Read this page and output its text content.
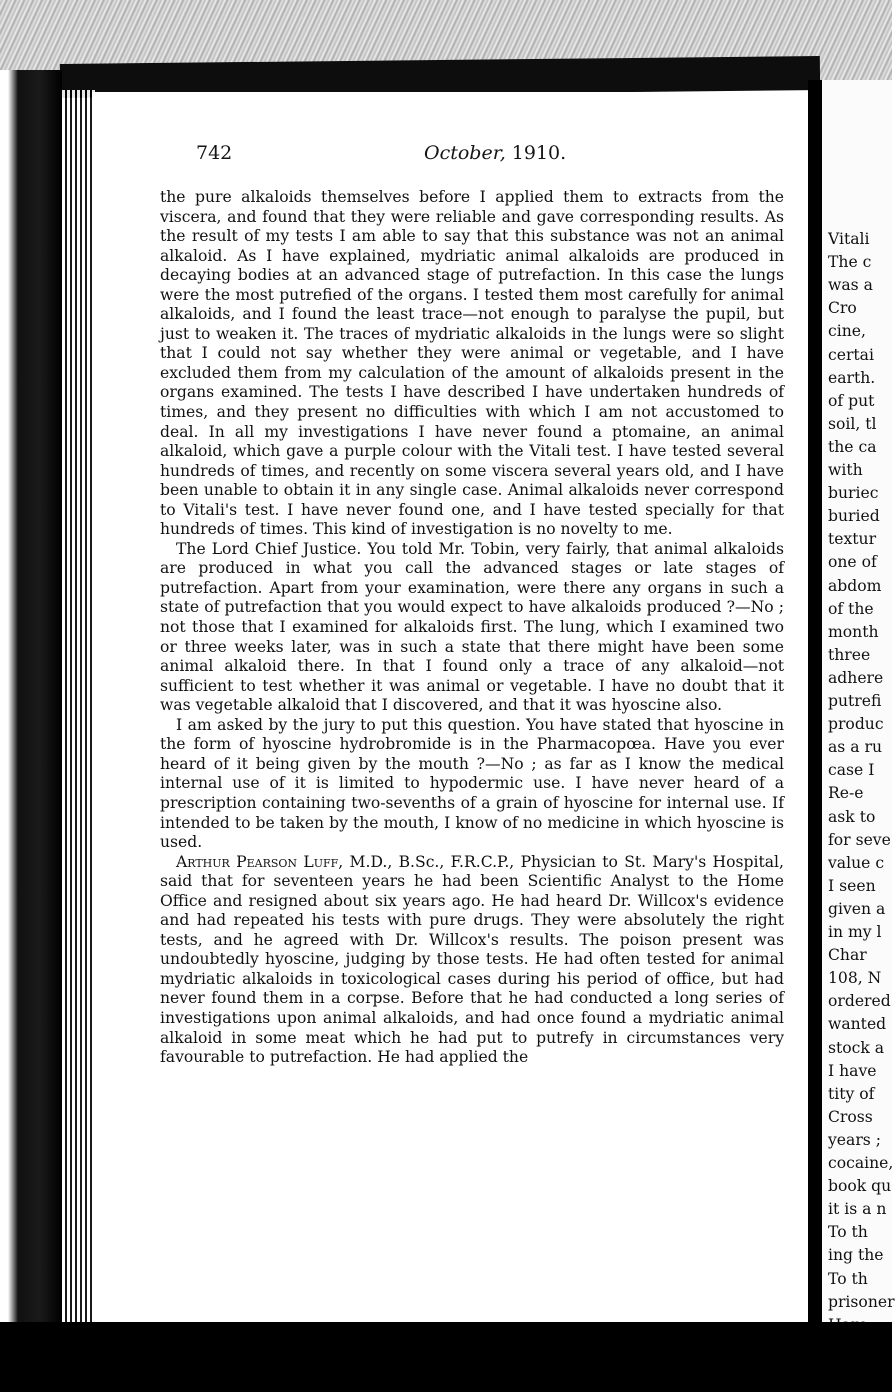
Vitali
The c
was a
Cro
cine,
certai
earth.
of put
soil, tl
the ca
with
buriec
buried
textur
one of
abdom
of the
month
three
adhere
putrefi
produc
as a ru
case I
Re-e
ask to
for seve
value c
I seen
given a
in my l
Char
108, N
ordered
wanted
stock a
I have
tity of
Cross
years ;
cocaine,
book qu
it is a n
To th
ing the
To th
prisoner
742	October, 1910.

the pure alkaloids themselves before I applied them to extracts from the viscera, and found that they were reliable and gave corresponding results. As the result of my tests I am able to say that this substance was not an animal alkaloid. As I have explained, mydriatic animal alkaloids are produced in decaying bodies at an advanced stage of putrefaction. In this case the lungs were the most putrefied of the organs. I tested them most carefully for animal alkaloids, and I found the least trace—not enough to paralyse the pupil, but just to weaken it. The traces of mydriatic alkaloids in the lungs were so slight that I could not say whether they were animal or vegetable, and I have excluded them from my calculation of the amount of alkaloids present in the organs examined. The tests I have described I have undertaken hundreds of times, and they present no difficulties with which I am not accustomed to deal. In all my investigations I have never found a ptomaine, an animal alkaloid, which gave a purple colour with the Vitali test. I have tested several hundreds of times, and recently on some viscera several years old, and I have been unable to obtain it in any single case. Animal alkaloids never correspond to Vitali's test. I have never found one, and I have tested specially for that hundreds of times. This kind of investigation is no novelty to me.

The Lord Chief Justice. You told Mr. Tobin, very fairly, that animal alkaloids are produced in what you call the advanced stages or late stages of putrefaction. Apart from your examination, were there any organs in such a state of putrefaction that you would expect to have alkaloids produced ?—No ; not those that I examined for alkaloids first. The lung, which I examined two or three weeks later, was in such a state that there might have been some animal alkaloid there. In that I found only a trace of any alkaloid—not sufficient to test whether it was animal or vegetable. I have no doubt that it was vegetable alkaloid that I discovered, and that it was hyoscine also.

I am asked by the jury to put this question. You have stated that hyoscine in the form of hyoscine hydrobromide is in the Pharmacopœa. Have you ever heard of it being given by the mouth ?—No ; as far as I know the medical internal use of it is limited to hypodermic use. I have never heard of a prescription containing two-sevenths of a grain of hyoscine for internal use. If intended to be taken by the mouth, I know of no medicine in which hyoscine is used.

Arthur Pearson Luff, M.D., B.Sc., F.R.C.P., Physician to St. Mary's Hospital, said that for seventeen years he had been Scientific Analyst to the Home Office and resigned about six years ago. He had heard Dr. Willcox's evidence and had repeated his tests with pure drugs. They were absolutely the right tests, and he agreed with Dr. Willcox's results. The poison present was undoubtedly hyoscine, judging by those tests. He had often tested for animal mydriatic alkaloids in toxicological cases during his period of office, but had never found them in a corpse. Before that he had conducted a long series of investigations upon animal alkaloids, and had once found a mydriatic animal alkaloid in some meat which he had put to putrefy in circumstances very favourable to putrefaction. He had applied the
